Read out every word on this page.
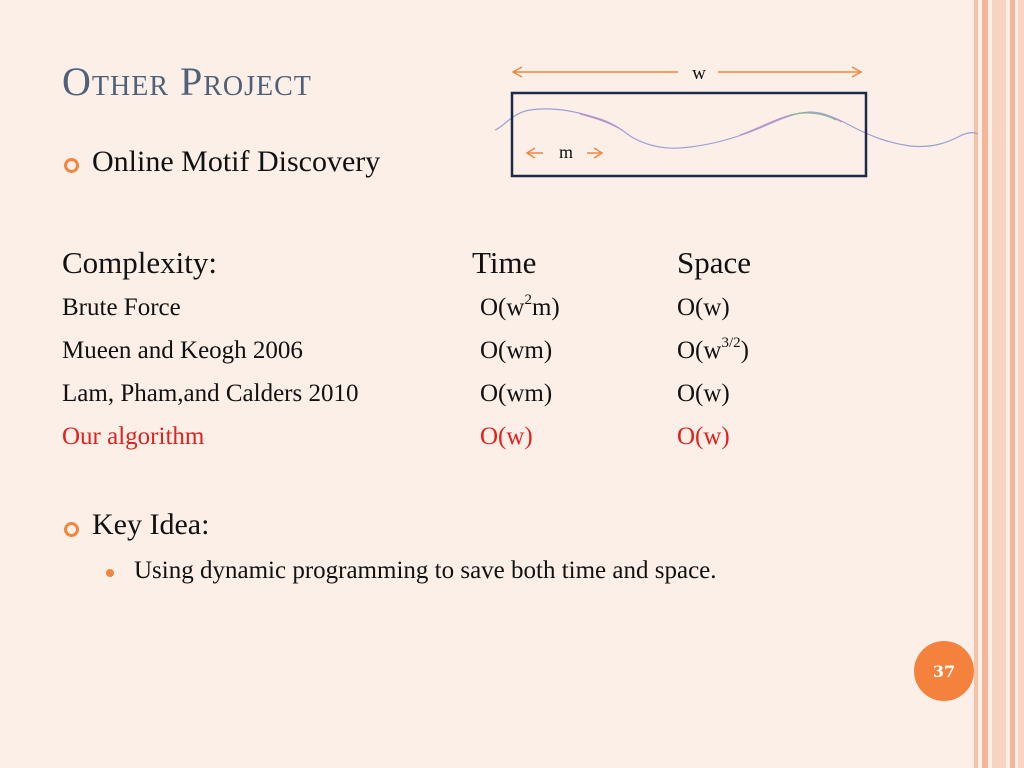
Other Project	w
m
Online Motif Discovery
Complexity:	Time	Space
Brute Force	$O(w^2m)$	O(w)
Mueen and Keogh 2006	O(wm)	$O(w^{3/2})$
Lam, Pham,and Calders 2010	O(wm)	O(w)
Our algorithm	O(w)	O(w)
Key Idea:
Using dynamic programming to save both time and space.
37
